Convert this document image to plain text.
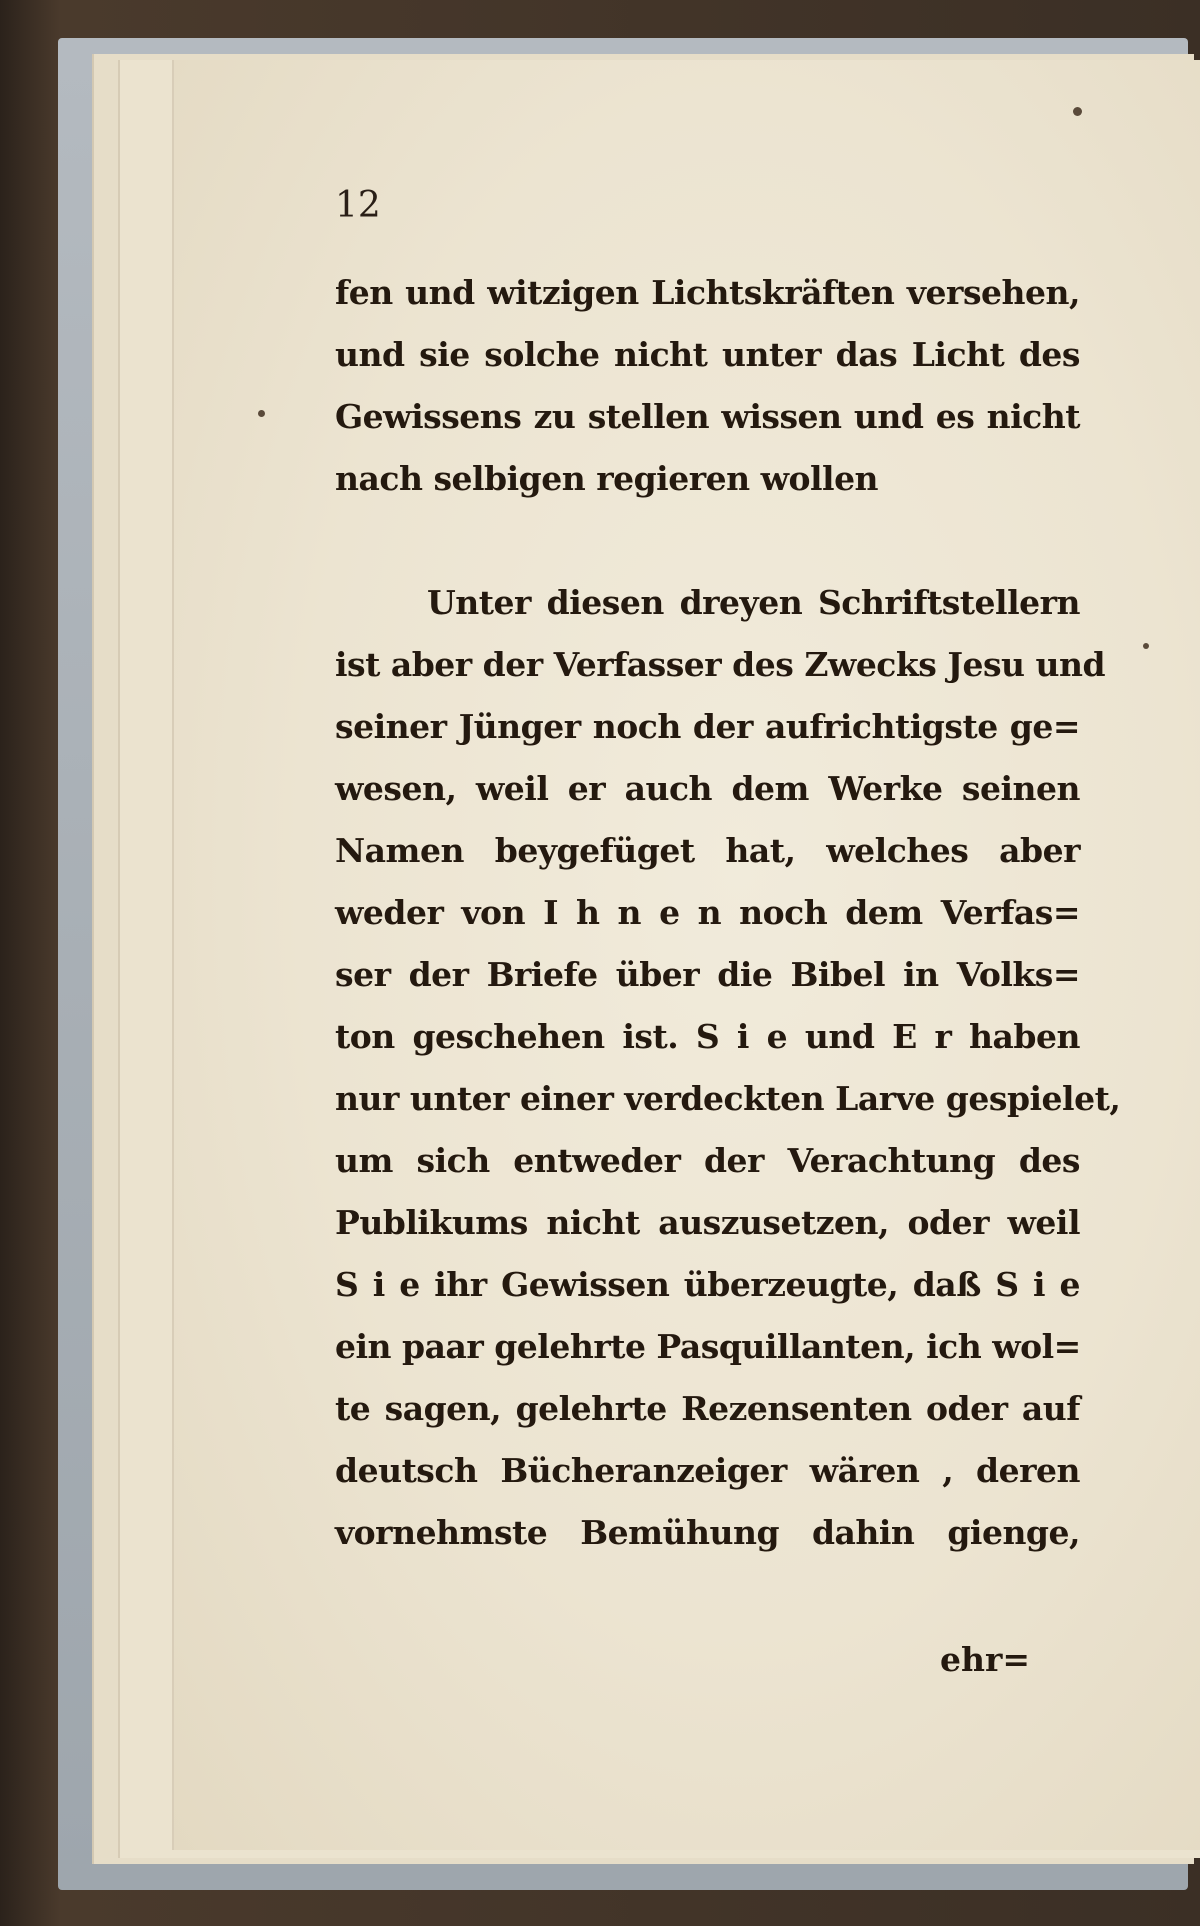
12
fen und witzigen Lichtskräften versehen,
und sie solche nicht unter das Licht des
Gewissens zu stellen wissen und es nicht
nach selbigen regieren wollen
Unter diesen dreyen Schriftstellern
ist aber der Verfasser des Zwecks Jesu und
seiner Jünger noch der aufrichtigste ge=
wesen, weil er auch dem Werke seinen
Namen beygefüget hat, welches aber
weder von I h n e n noch dem Verfas=
ser der Briefe über die Bibel in Volks=
ton geschehen ist. S i e und E r haben
nur unter einer verdeckten Larve gespielet,
um sich entweder der Verachtung des
Publikums nicht auszusetzen, oder weil
S i e ihr Gewissen überzeugte, daß S i e
ein paar gelehrte Pasquillanten, ich wol=
te sagen, gelehrte Rezensenten oder auf
deutsch Bücheranzeiger wären , deren
vornehmste Bemühung dahin gienge,
ehr=
